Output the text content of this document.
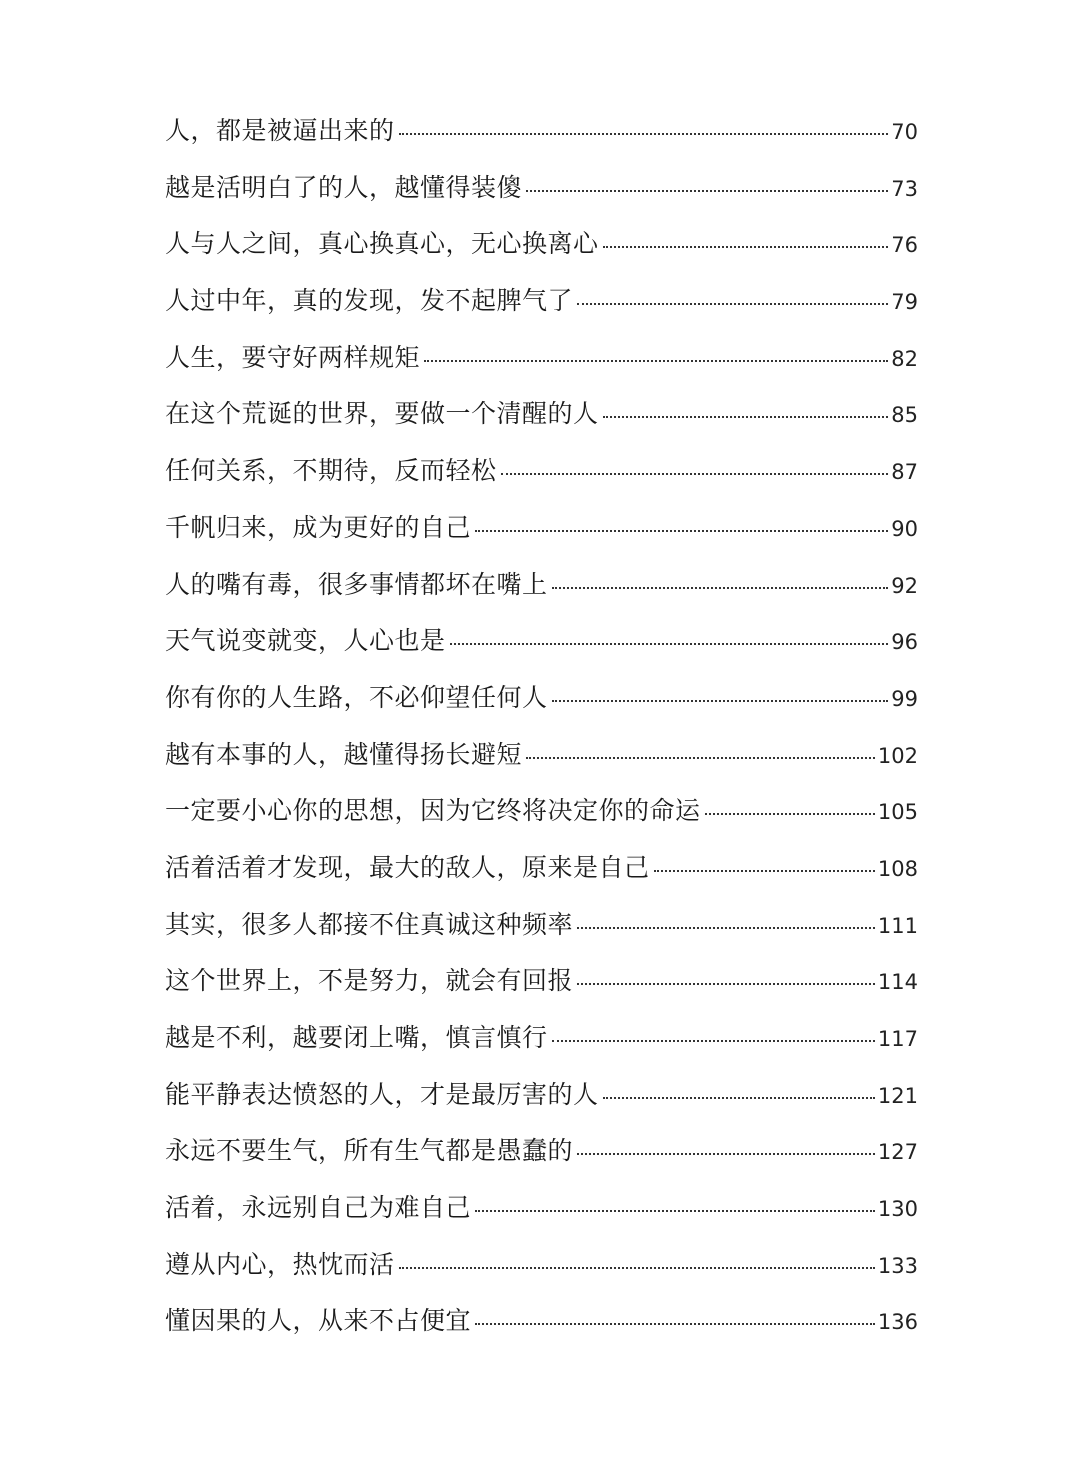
人，都是被逼出来的	70
越是活明白了的人，越懂得装傻	73
人与人之间，真心换真心，无心换离心	76
人过中年，真的发现，发不起脾气了	79
人生，要守好两样规矩	82
在这个荒诞的世界，要做一个清醒的人	85
任何关系，不期待，反而轻松	87
千帆归来，成为更好的自己	90
人的嘴有毒，很多事情都坏在嘴上	92
天气说变就变，人心也是	96
你有你的人生路，不必仰望任何人	99
越有本事的人，越懂得扬长避短	102
一定要小心你的思想，因为它终将决定你的命运	105
活着活着才发现，最大的敌人，原来是自己	108
其实，很多人都接不住真诚这种频率	111
这个世界上，不是努力，就会有回报	114
越是不利，越要闭上嘴，慎言慎行	117
能平静表达愤怒的人，才是最厉害的人	121
永远不要生气，所有生气都是愚蠢的	127
活着，永远别自己为难自己	130
遵从内心，热忱而活	133
懂因果的人，从来不占便宜	136
